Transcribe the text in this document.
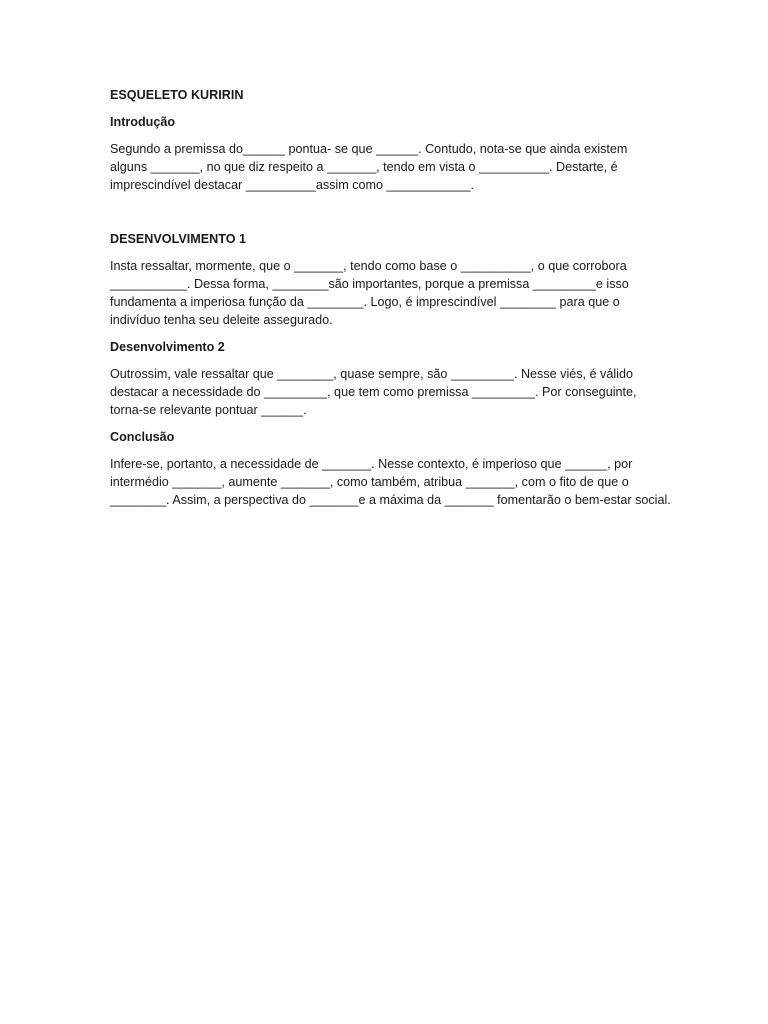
ESQUELETO KURIRIN
Introdução
Segundo a premissa do______ pontua- se que ______. Contudo, nota-se que ainda existem
alguns _______, no que diz respeito a _______, tendo em vista o __________. Destarte, é
imprescindível destacar __________assim como ____________.
DESENVOLVIMENTO 1
Insta ressaltar, mormente, que o _______, tendo como base o __________, o que corrobora
___________. Dessa forma, ________são importantes, porque a premissa _________e isso
fundamenta a imperiosa função da ________. Logo, é imprescindível ________ para que o
indivíduo tenha seu deleite assegurado.
Desenvolvimento 2
Outrossim, vale ressaltar que ________, quase sempre, são _________. Nesse viés, é válido
destacar a necessidade do _________, que tem como premissa _________. Por conseguinte,
torna-se relevante pontuar ______.
Conclusão
Infere-se, portanto, a necessidade de _______. Nesse contexto, é imperioso que ______, por
intermédio _______, aumente _______, como também, atribua _______, com o fito de que o
________. Assim, a perspectiva do _______e a máxima da _______ fomentarão o bem-estar social.
